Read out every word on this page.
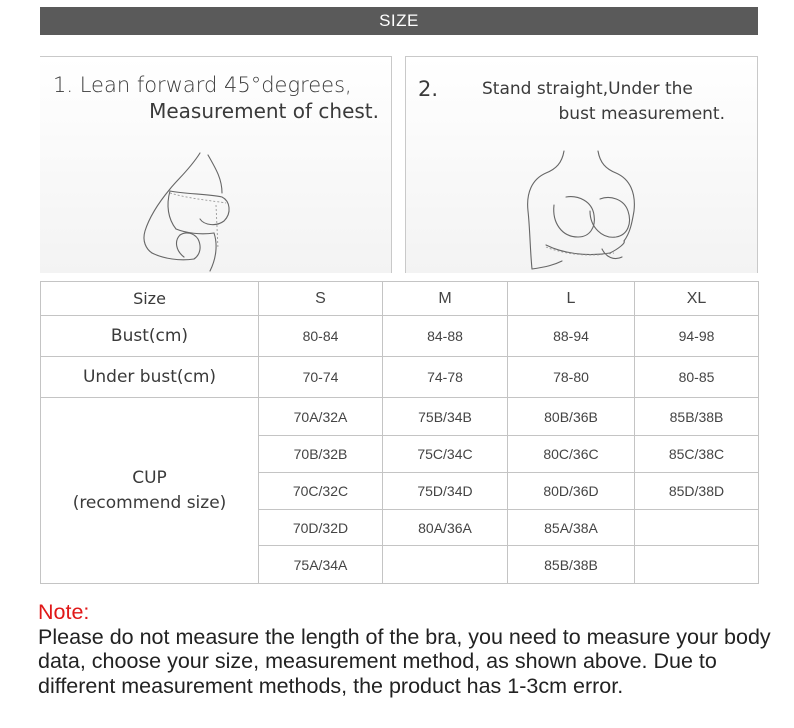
SIZE
1. Lean forward 45°degrees,
Measurement of chest.
2.	Stand straight,Under the
bust measurement.
Size	S	M	L	XL
Bust(cm)	80-84	84-88	88-94	94-98
Under bust(cm)	70-74	74-78	78-80	80-85

CUP
(recommend size)	70A/32A	75B/34B	80B/36B	85B/38B
	70B/32B	75C/34C	80C/36C	85C/38C
	70C/32C	75D/34D	80D/36D	85D/38D
	70D/32D	80A/36A	85A/38A	
	75A/34A		85B/38B	
Note:
Please do not measure the length of the bra, you need to measure your body data, choose your size, measurement method, as shown above. Due to different measurement methods, the product has 1-3cm error.
